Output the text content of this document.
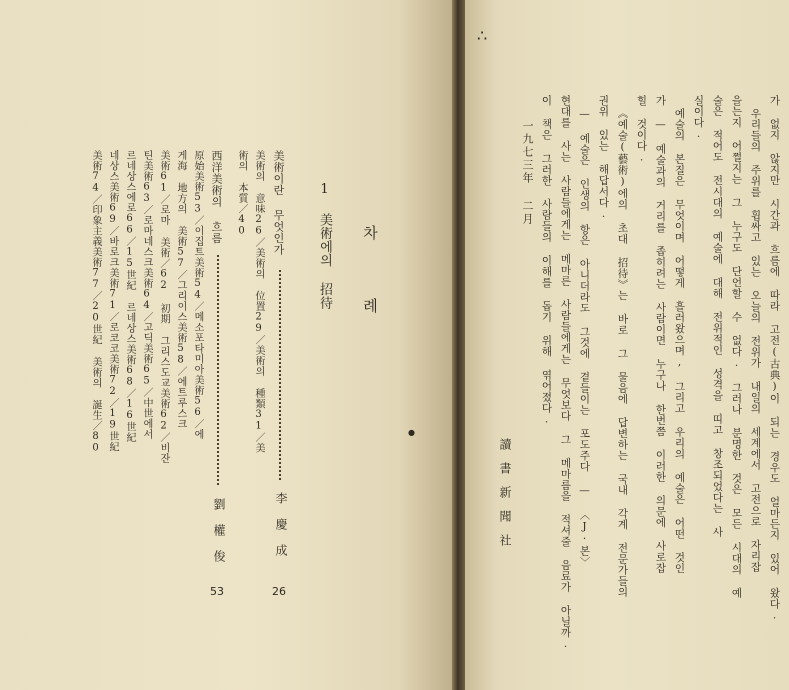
차 례
1 美術에의 招待
美術이란 무엇인가
李慶成
26
美術의 意味26／美術의 位置29／美術의 種類31／美
術의 本質／40
西洋美術의 흐름
劉權俊
53
原始美術53／이집트美術54／메소포타미아美術56／에
게海 地方의 美術57／그리이스美術58／에트루스크
美術61／로마 美術／62 初期 그리스도교美術62／비잔
틴美術63／로마네스크美術64／고딕美術65／中世에서
르네상스에로66／15世紀 르네상스美術68／16世紀
네상스美術69／바로크美術71／로코코美術72／19世紀
美術74／印象主義美術77／20世紀 美術의 誕生／80	●
∴
가 없지 않지만 시간과 흐름에 따라 고전(古典)이 되는 경우도 얼마든지 있어 왔다.
우리들의 주위를 휩싸고 있는 오늘의 전위가 내일의 세계에서 고전으로 자리잡
을는지 어쩔지는 그 누구도 단언할 수 없다. 그러나 분명한 것은 모든 시대의 예
술은 적어도 전시대의 예술에 대해 전위적인 성격을 띠고 창조되었다는 사
실이다.
예술의 본질은 무엇이며 어떻게 흘러왔으며, 그리고 우리의 예술은 어떤 것인
가 — 예술과의 거리를 좁히려는 사람이면 누구나 한번쯤 이러한 의문에 사로잡
힐 것이다.
《예술(藝術)에의 초대 招待》는 바로 그 물음에 답변하는 국내 각계 전문가들의
권위 있는 해답서다.
— 예술은 인생의 항은 아니더라도 그것에 곁들이는 포도주다 — 〈J·본〉
현대를 사는 사람들에게는 메마른 사람들에게는 무엇보다 그 메마름을 적셔줄 음료가 아닐까.
이 책은 그러한 사람들의 이해를 돕기 위해 엮어졌다.
一九七三年 二月
讀書新聞社
